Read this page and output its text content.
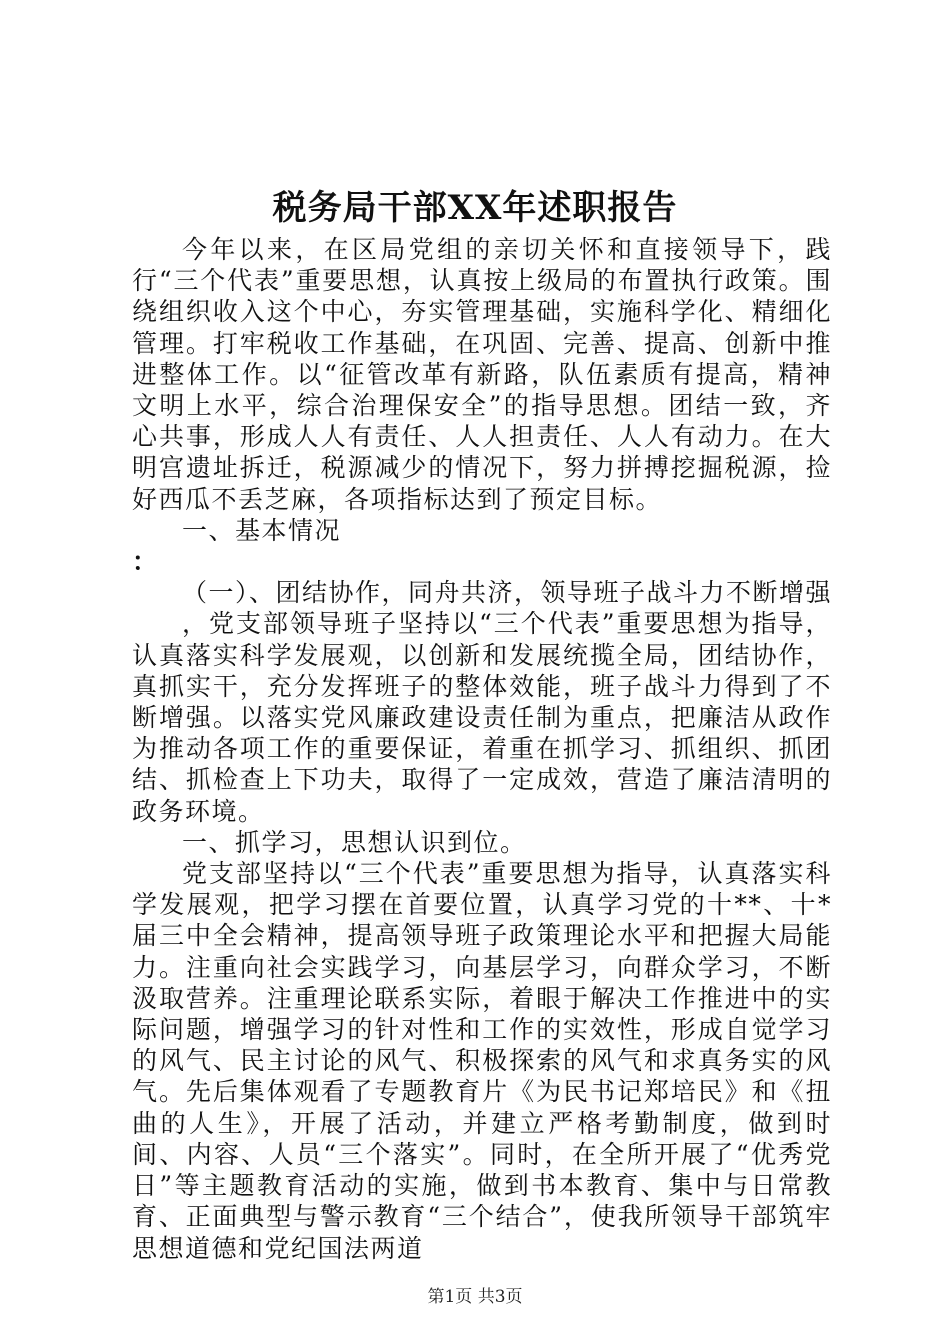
税务局干部XX年述职报告

今年以来，在区局党组的亲切关怀和直接领导下，践行“三个代表”重要思想，认真按上级局的布置执行政策。围绕组织收入这个中心，夯实管理基础，实施科学化、精细化管理。打牢税收工作基础，在巩固、完善、提高、创新中推进整体工作。以“征管改革有新路，队伍素质有提高，精神文明上水平，综合治理保安全”的指导思想。团结一致，齐心共事，形成人人有责任、人人担责任、人人有动力。在大明宫遗址拆迁，税源减少的情况下，努力拼搏挖掘税源，捡好西瓜不丢芝麻，各项指标达到了预定目标。

一、基本情况

：

（一）、团结协作，同舟共济，领导班子战斗力不断增强

，党支部领导班子坚持以“三个代表”重要思想为指导，认真落实科学发展观，以创新和发展统揽全局，团结协作，真抓实干，充分发挥班子的整体效能，班子战斗力得到了不断增强。以落实党风廉政建设责任制为重点，把廉洁从政作为推动各项工作的重要保证，着重在抓学习、抓组织、抓团结、抓检查上下功夫，取得了一定成效，营造了廉洁清明的政务环境。

一、抓学习，思想认识到位。

党支部坚持以“三个代表”重要思想为指导，认真落实科学发展观，把学习摆在首要位置，认真学习党的十**、十*届三中全会精神，提高领导班子政策理论水平和把握大局能力。注重向社会实践学习，向基层学习，向群众学习，不断汲取营养。注重理论联系实际，着眼于解决工作推进中的实际问题，增强学习的针对性和工作的实效性，形成自觉学习的风气、民主讨论的风气、积极探索的风气和求真务实的风气。先后集体观看了专题教育片《为民书记郑培民》和《扭曲的人生》，开展了活动，并建立严格考勤制度，做到时间、内容、人员“三个落实”。同时，在全所开展了“优秀党日”等主题教育活动的实施，做到书本教育、集中与日常教育、正面典型与警示教育“三个结合”，使我所领导干部筑牢思想道德和党纪国法两道

第1页 共3页
